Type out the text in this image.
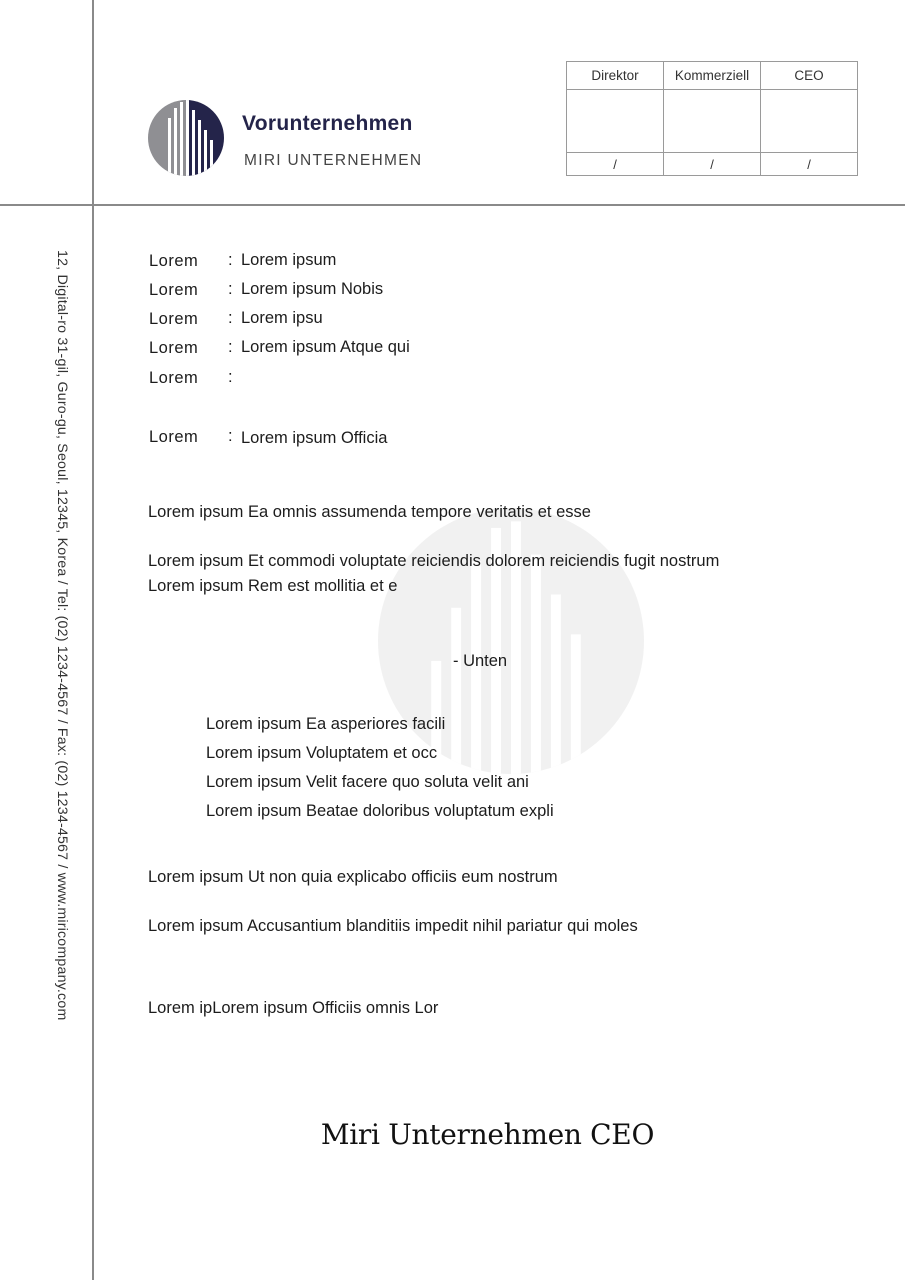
12, Digital-ro 31-gil, Guro-gu, Seoul, 12345, Korea / Tel: (02) 1234-4567 / Fax: (02) 1234-4567 / www.miricompany.com
Vorunternehmen
MIRI UNTERNEHMEN
Direktor	Kommerziell	CEO

/	/	/
Lorem : Lorem ipsum
Lorem : Lorem ipsum Nobis
Lorem : Lorem ipsu
Lorem : Lorem ipsum Atque qui
Lorem :
Lorem : Lorem ipsum Officia
Lorem ipsum Ea omnis assumenda tempore veritatis et esse
Lorem ipsum Et commodi voluptate reiciendis dolorem reiciendis fugit nostrum
Lorem ipsum Rem est mollitia et e
- Unten
Lorem ipsum Ea asperiores facili
Lorem ipsum Voluptatem et occ
Lorem ipsum Velit facere quo soluta velit ani
Lorem ipsum Beatae doloribus voluptatum expli
Lorem ipsum Ut non quia explicabo officiis eum nostrum
Lorem ipsum Accusantium blanditiis impedit nihil pariatur qui moles
Lorem ipLorem ipsum Officiis omnis Lor
Miri Unternehmen CEO
